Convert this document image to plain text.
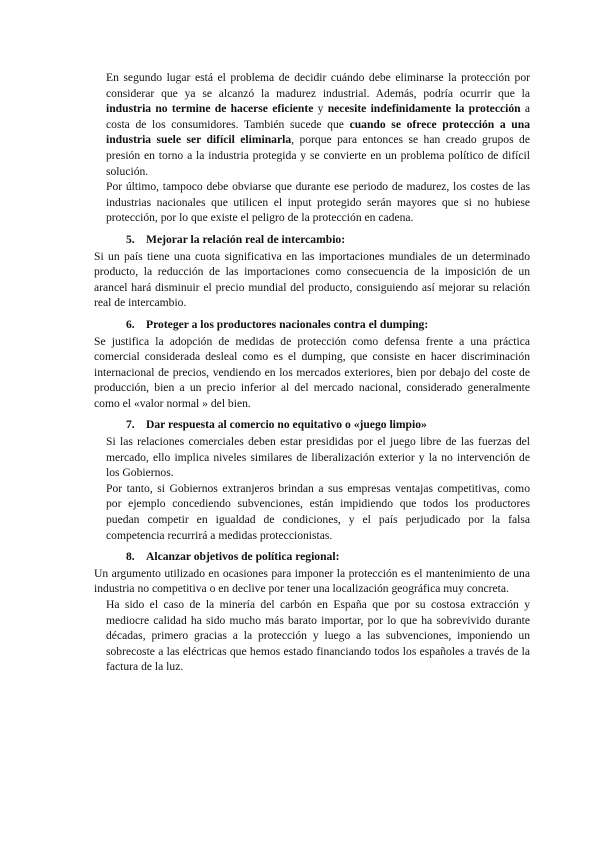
En segundo lugar está el problema de decidir cuándo debe eliminarse la protección por considerar que ya se alcanzó la madurez industrial. Además, podría ocurrir que la industria no termine de hacerse eficiente y necesite indefinidamente la protección a costa de los consumidores. También sucede que cuando se ofrece protección a una industria suele ser difícil eliminarla, porque para entonces se han creado grupos de presión en torno a la industria protegida y se convierte en un problema político de difícil solución.

Por último, tampoco debe obviarse que durante ese periodo de madurez, los costes de las industrias nacionales que utilicen el input protegido serán mayores que si no hubiese protección, por lo que existe el peligro de la protección en cadena.

5. Mejorar la relación real de intercambio:

Si un país tiene una cuota significativa en las importaciones mundiales de un determinado producto, la reducción de las importaciones como consecuencia de la imposición de un arancel hará disminuir el precio mundial del producto, consiguiendo así mejorar su relación real de intercambio.

6. Proteger a los productores nacionales contra el dumping:

Se justifica la adopción de medidas de protección como defensa frente a una práctica comercial considerada desleal como es el dumping, que consiste en hacer discriminación internacional de precios, vendiendo en los mercados exteriores, bien por debajo del coste de producción, bien a un precio inferior al del mercado nacional, considerado generalmente como el «valor normal » del bien.

7. Dar respuesta al comercio no equitativo o «juego limpio»

Si las relaciones comerciales deben estar presididas por el juego libre de las fuerzas del mercado, ello implica niveles similares de liberalización exterior y la no intervención de los Gobiernos.

Por tanto, si Gobiernos extranjeros brindan a sus empresas ventajas competitivas, como por ejemplo concediendo subvenciones, están impidiendo que todos los productores puedan competir en igualdad de condiciones, y el país perjudicado por la falsa competencia recurrirá a medidas proteccionistas.

8. Alcanzar objetivos de política regional:

Un argumento utilizado en ocasiones para imponer la protección es el mantenimiento de una industria no competitiva o en declive por tener una localización geográfica muy concreta.

Ha sido el caso de la minería del carbón en España que por su costosa extracción y mediocre calidad ha sido mucho más barato importar, por lo que ha sobrevivido durante décadas, primero gracias a la protección y luego a las subvenciones, imponiendo un sobrecoste a las eléctricas que hemos estado financiando todos los españoles a través de la factura de la luz.
